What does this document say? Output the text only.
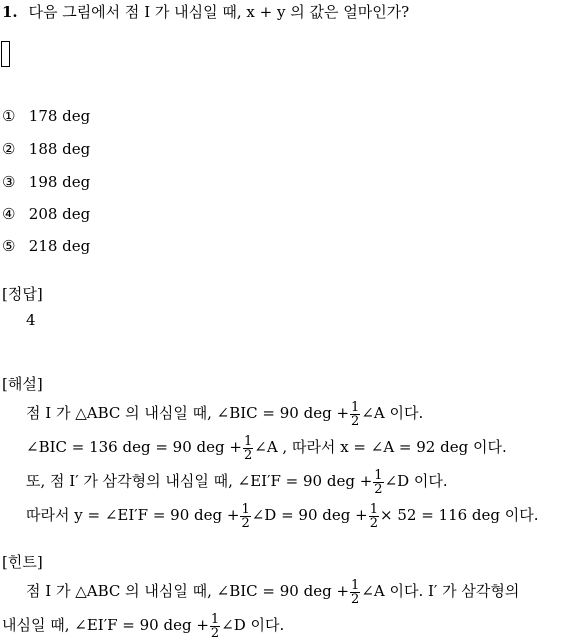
1. 다음 그림에서 점 I 가 내심일 때, x + y 의 값은 얼마인가?
① 178 deg
② 188 deg
③ 198 deg
④ 208 deg
⑤ 218 deg
[정답]
4
[해설]
점 I 가 △ABC 의 내심일 때, ∠BIC = 90 deg + $\frac{1}{2}$ ∠A 이다.
∠BIC = 136 deg = 90 deg + $\frac{1}{2}$ ∠A , 따라서 x = ∠A = 92 deg 이다.
또, 점 I′ 가 삼각형의 내심일 때, ∠EI′F = 90 deg + $\frac{1}{2}$ ∠D 이다.
따라서 y = ∠EI′F = 90 deg + $\frac{1}{2}$ ∠D = 90 deg + $\frac{1}{2} \times 52 = 116$ deg 이다.
[힌트]
점 I 가 △ABC 의 내심일 때, ∠BIC = 90 deg + $\frac{1}{2}$ ∠A 이다. I′ 가 삼각형의
내심일 때, ∠EI′F = 90 deg + $\frac{1}{2}$ ∠D 이다.
